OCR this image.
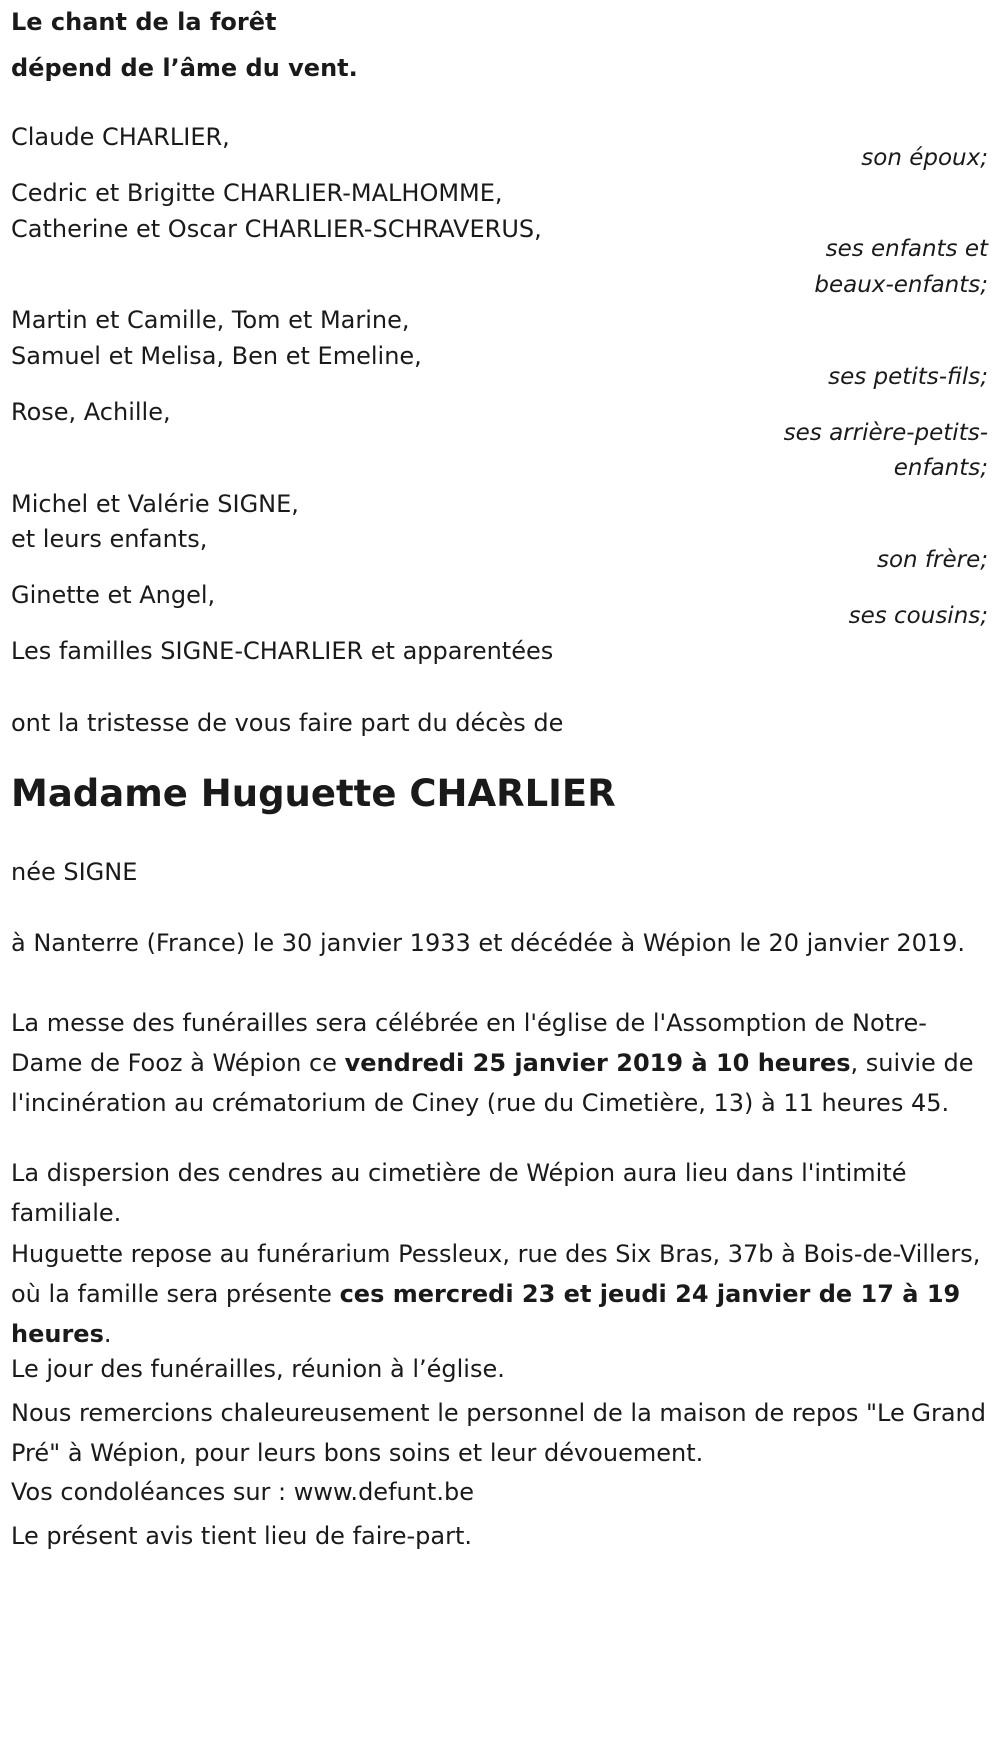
Le chant de la forêt
dépend de l’âme du vent.
Claude CHARLIER,
son époux;
Cedric et Brigitte CHARLIER-MALHOMME,
Catherine et Oscar CHARLIER-SCHRAVERUS,
ses enfants et
beaux-enfants;
Martin et Camille, Tom et Marine,
Samuel et Melisa, Ben et Emeline,
ses petits-fils;
Rose, Achille,
ses arrière-petits-
enfants;
Michel et Valérie SIGNE,
et leurs enfants,
son frère;
Ginette et Angel,
ses cousins;
Les familles SIGNE-CHARLIER et apparentées
ont la tristesse de vous faire part du décès de
Madame Huguette CHARLIER
née SIGNE
à Nanterre (France) le 30 janvier 1933 et décédée à Wépion le 20 janvier 2019.
La messe des funérailles sera célébrée en l'église de l'Assomption de Notre-Dame de Fooz à Wépion ce vendredi 25 janvier 2019 à 10 heures, suivie de l'incinération au crématorium de Ciney (rue du Cimetière, 13) à 11 heures 45.
La dispersion des cendres au cimetière de Wépion aura lieu dans l'intimité familiale.
Huguette repose au funérarium Pessleux, rue des Six Bras, 37b à Bois-de-Villers, où la famille sera présente ces mercredi 23 et jeudi 24 janvier de 17 à 19 heures.
Le jour des funérailles, réunion à l’église.
Nous remercions chaleureusement le personnel de la maison de repos "Le Grand Pré" à Wépion, pour leurs bons soins et leur dévouement.
Vos condoléances sur : www.defunt.be
Le présent avis tient lieu de faire-part.
